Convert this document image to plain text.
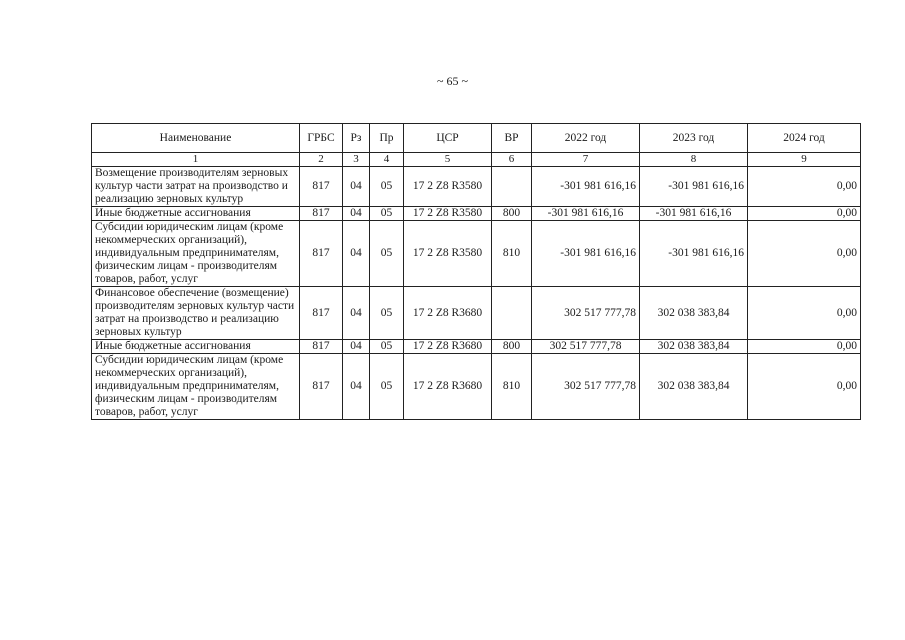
~ 65 ~
Наименование	ГРБС	Рз	Пр	ЦСР	ВР	2022 год	2023 год	2024 год
1	2	3	4	5	6	7	8	9
Возмещение производителям зерновых культур части затрат на производство и реализацию зерновых культур	817	04	05	17 2 Z8 R3580		-301 981 616,16	-301 981 616,16	0,00
Иные бюджетные ассигнования	817	04	05	17 2 Z8 R3580	800	-301 981 616,16	-301 981 616,16	0,00
Субсидии юридическим лицам (кроме некоммерческих организаций), индивидуальным предпринимателям, физическим лицам - производителям товаров, работ, услуг	817	04	05	17 2 Z8 R3580	810	-301 981 616,16	-301 981 616,16	0,00
Финансовое обеспечение (возмещение) производителям зерновых культур части затрат на производство и реализацию зерновых культур	817	04	05	17 2 Z8 R3680		302 517 777,78	302 038 383,84	0,00
Иные бюджетные ассигнования	817	04	05	17 2 Z8 R3680	800	302 517 777,78	302 038 383,84	0,00
Субсидии юридическим лицам (кроме некоммерческих организаций), индивидуальным предпринимателям, физическим лицам - производителям товаров, работ, услуг	817	04	05	17 2 Z8 R3680	810	302 517 777,78	302 038 383,84	0,00
